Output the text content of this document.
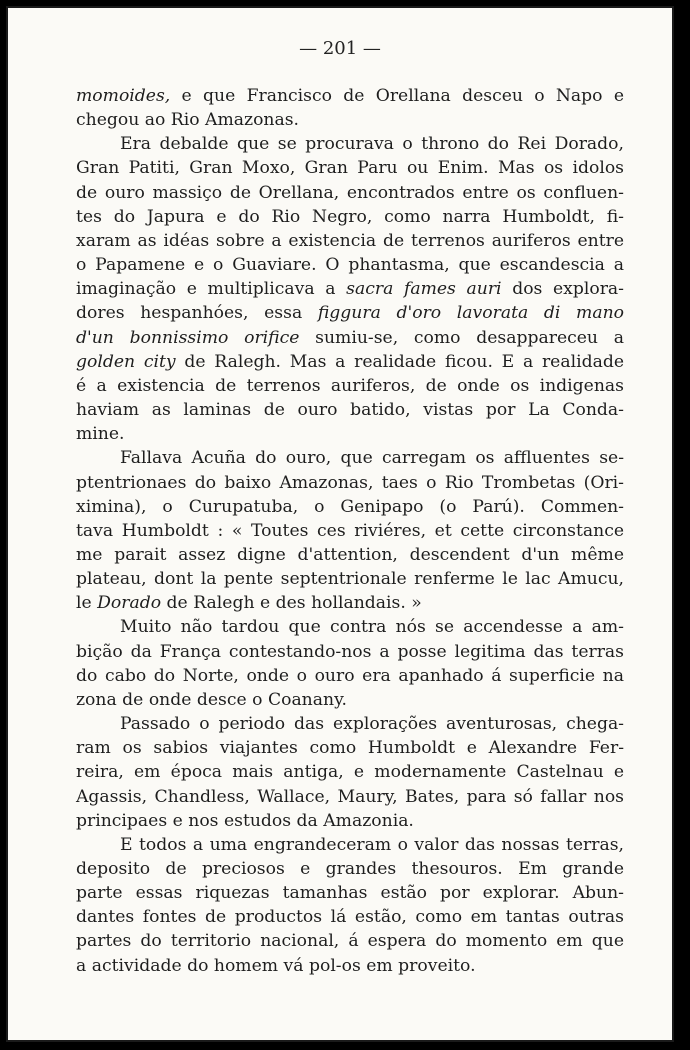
— 201 —
momoides, e que Francisco de Orellana desceu o Napo e
chegou ao Rio Amazonas.
Era debalde que se procurava o throno do Rei Dorado,
Gran Patiti, Gran Moxo, Gran Paru ou Enim. Mas os idolos
de ouro massiço de Orellana, encontrados entre os confluen-
tes do Japura e do Rio Negro, como narra Humboldt, fi-
xaram as idéas sobre a existencia de terrenos auriferos entre
o Papamene e o Guaviare. O phantasma, que escandescia a
imaginação e multiplicava a sacra fames auri dos explora-
dores hespanhóes, essa figgura d'oro lavorata di mano
d'un bonnissimo orifice sumiu-se, como desappareceu a
golden city de Ralegh. Mas a realidade ficou. E a realidade
é a existencia de terrenos auriferos, de onde os indigenas
haviam as laminas de ouro batido, vistas por La Conda-
mine.
Fallava Acuña do ouro, que carregam os affluentes se-
ptentrionaes do baixo Amazonas, taes o Rio Trombetas (Ori-
ximina), o Curupatuba, o Genipapo (o Parú). Commen-
tava Humboldt : « Toutes ces riviéres, et cette circonstance
me parait assez digne d'attention, descendent d'un même
plateau, dont la pente septentrionale renferme le lac Amucu,
le Dorado de Ralegh e des hollandais. »
Muito não tardou que contra nós se accendesse a am-
bição da França contestando-nos a posse legitima das terras
do cabo do Norte, onde o ouro era apanhado á superficie na
zona de onde desce o Coanany.
Passado o periodo das explorações aventurosas, chega-
ram os sabios viajantes como Humboldt e Alexandre Fer-
reira, em época mais antiga, e modernamente Castelnau e
Agassis, Chandless, Wallace, Maury, Bates, para só fallar nos
principaes e nos estudos da Amazonia.
E todos a uma engrandeceram o valor das nossas terras,
deposito de preciosos e grandes thesouros. Em grande
parte essas riquezas tamanhas estão por explorar. Abun-
dantes fontes de productos lá estão, como em tantas outras
partes do territorio nacional, á espera do momento em que
a actividade do homem vá pol-os em proveito.
